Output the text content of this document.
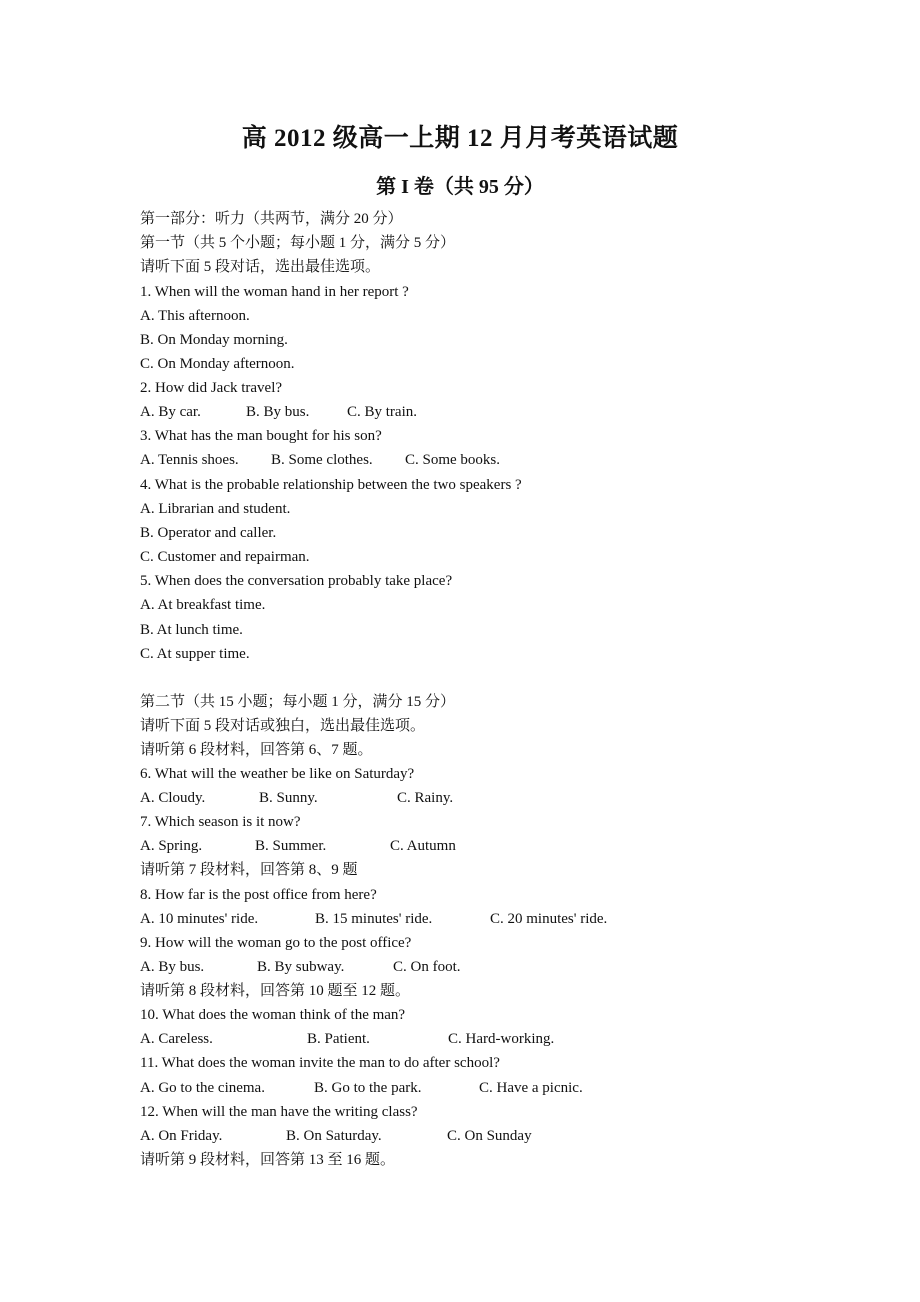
高 2012 级高一上期 12 月月考英语试题
第 I 卷（共 95 分）
第一部分：听力（共两节，满分 20 分）
第一节（共 5 个小题；每小题 1 分，满分 5 分）
请听下面 5 段对话，选出最佳选项。
1. When will the woman hand in her report ?
A. This afternoon.
B. On Monday morning.
C. On Monday afternoon.
2. How did Jack travel?
A. By car.	B. By bus.	C. By train.
3. What has the man bought for his son?
A. Tennis shoes. B. Some clothes. C. Some books.
4. What is the probable relationship between the two speakers ?
A. Librarian and student.
B. Operator and caller.
C. Customer and repairman.
5. When does the conversation probably take place?
A. At breakfast time.
B. At lunch time.
C. At supper time.
第二节（共 15 小题；每小题 1 分，满分 15 分）
请听下面 5 段对话或独白，选出最佳选项。
请听第 6 段材料，回答第 6、7 题。
6. What will the weather be like on Saturday?
A. Cloudy.	B. Sunny.	C. Rainy.
7. Which season is it now?
A. Spring.	B. Summer.	C. Autumn
请听第 7 段材料，回答第 8、9 题
8. How far is the post office from here?
A. 10 minutes' ride.	B. 15 minutes' ride.	C. 20 minutes' ride.
9. How will the woman go to the post office?
A. By bus.	B. By subway.	C. On foot.
请听第 8 段材料，回答第 10 题至 12 题。
10. What does the woman think of the man?
A. Careless.	B. Patient.	C. Hard-working.
11. What does the woman invite the man to do after school?
A. Go to the cinema.	B. Go to the park.	C. Have a picnic.
12. When will the man have the writing class?
A. On Friday.	B. On Saturday.	C. On Sunday
请听第 9 段材料，回答第 13 至 16 题。
